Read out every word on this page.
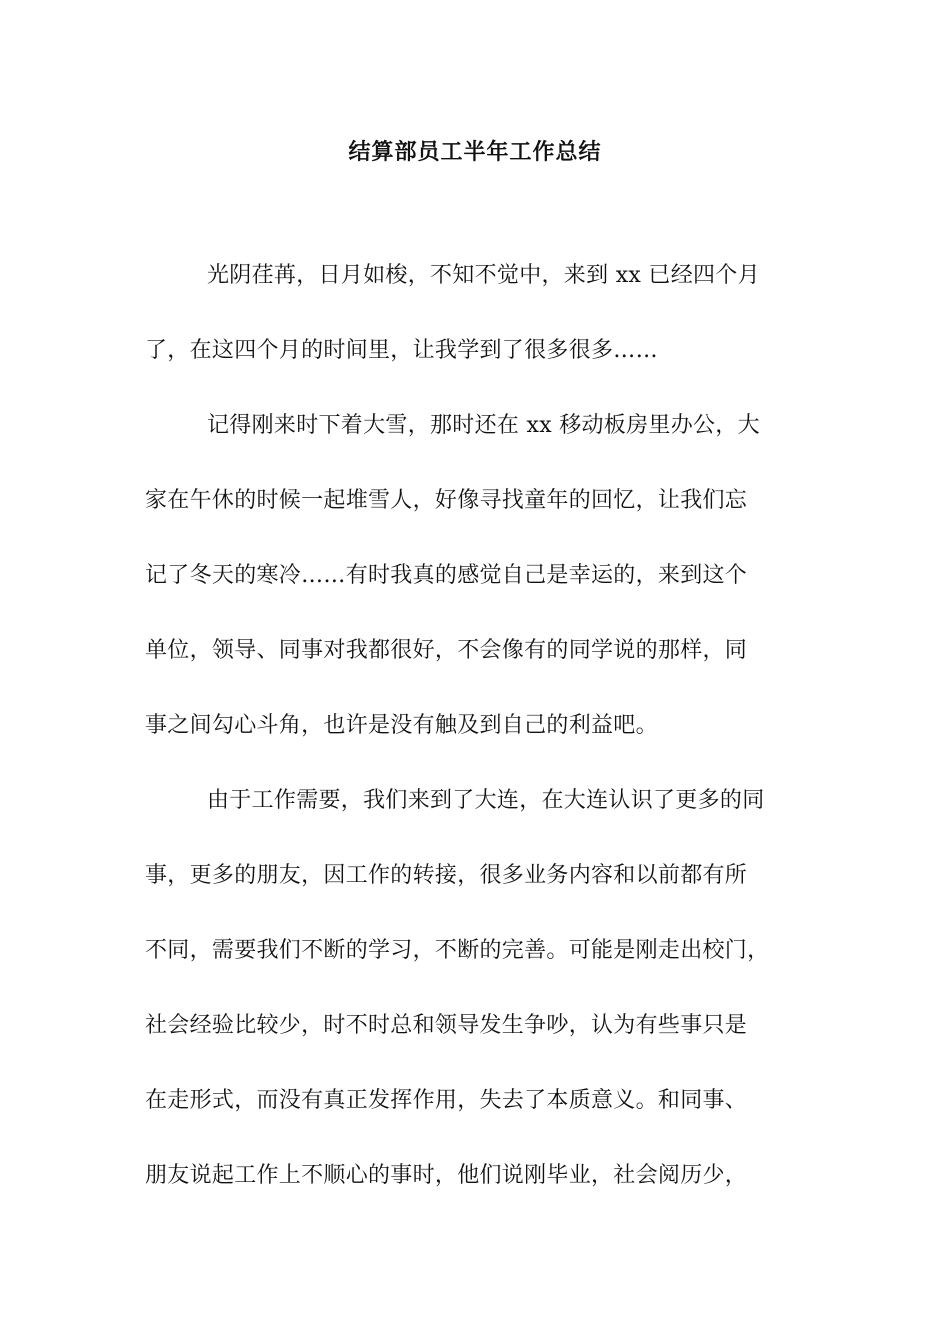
结算部员工半年工作总结
光阴荏苒，日月如梭，不知不觉中，来到 xx 已经四个月
了，在这四个月的时间里，让我学到了很多很多……
记得刚来时下着大雪，那时还在 xx 移动板房里办公，大
家在午休的时候一起堆雪人，好像寻找童年的回忆，让我们忘
记了冬天的寒冷……有时我真的感觉自己是幸运的，来到这个
单位，领导、同事对我都很好，不会像有的同学说的那样，同
事之间勾心斗角，也许是没有触及到自己的利益吧。
由于工作需要，我们来到了大连，在大连认识了更多的同
事，更多的朋友，因工作的转接，很多业务内容和以前都有所
不同，需要我们不断的学习，不断的完善。可能是刚走出校门，
社会经验比较少，时不时总和领导发生争吵，认为有些事只是
在走形式，而没有真正发挥作用，失去了本质意义。和同事、
朋友说起工作上不顺心的事时，他们说刚毕业，社会阅历少，
